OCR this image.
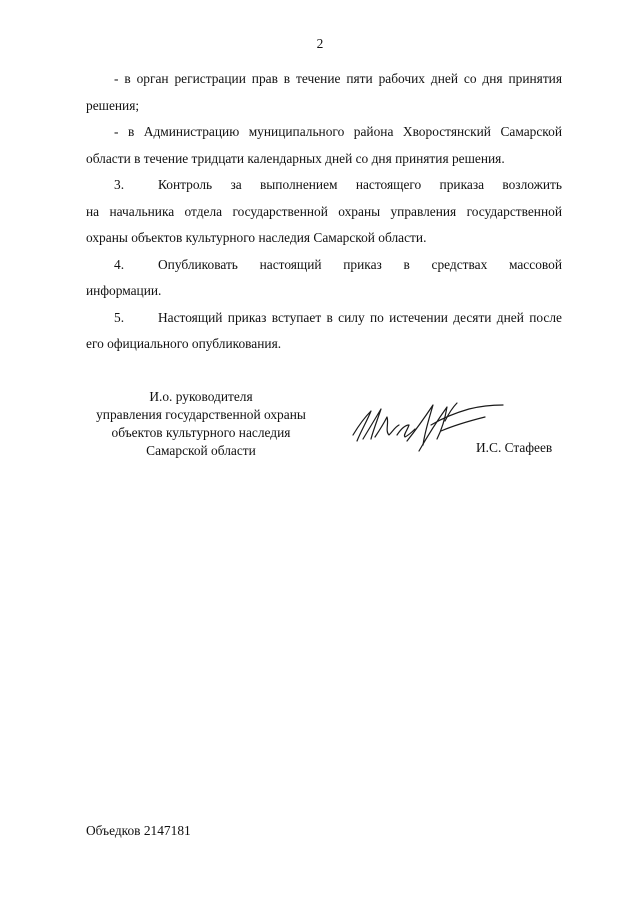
2
- в орган регистрации прав в течение пяти рабочих дней со дня принятия
решения;
- в Администрацию муниципального района Хворостянский Самарской
области в течение тридцати календарных дней со дня принятия решения.
3.	Контроль за выполнением настоящего приказа возложить
на начальника отдела государственной охраны управления государственной
охраны объектов культурного наследия Самарской области.
4.	Опубликовать настоящий приказ в средствах массовой
информации.
5.	Настоящий приказ вступает в силу по истечении десяти дней после
его официального опубликования.
И.о. руководителя
управления государственной охраны
объектов культурного наследия
Самарской области	И.С. Стафеев
Объедков 2147181
